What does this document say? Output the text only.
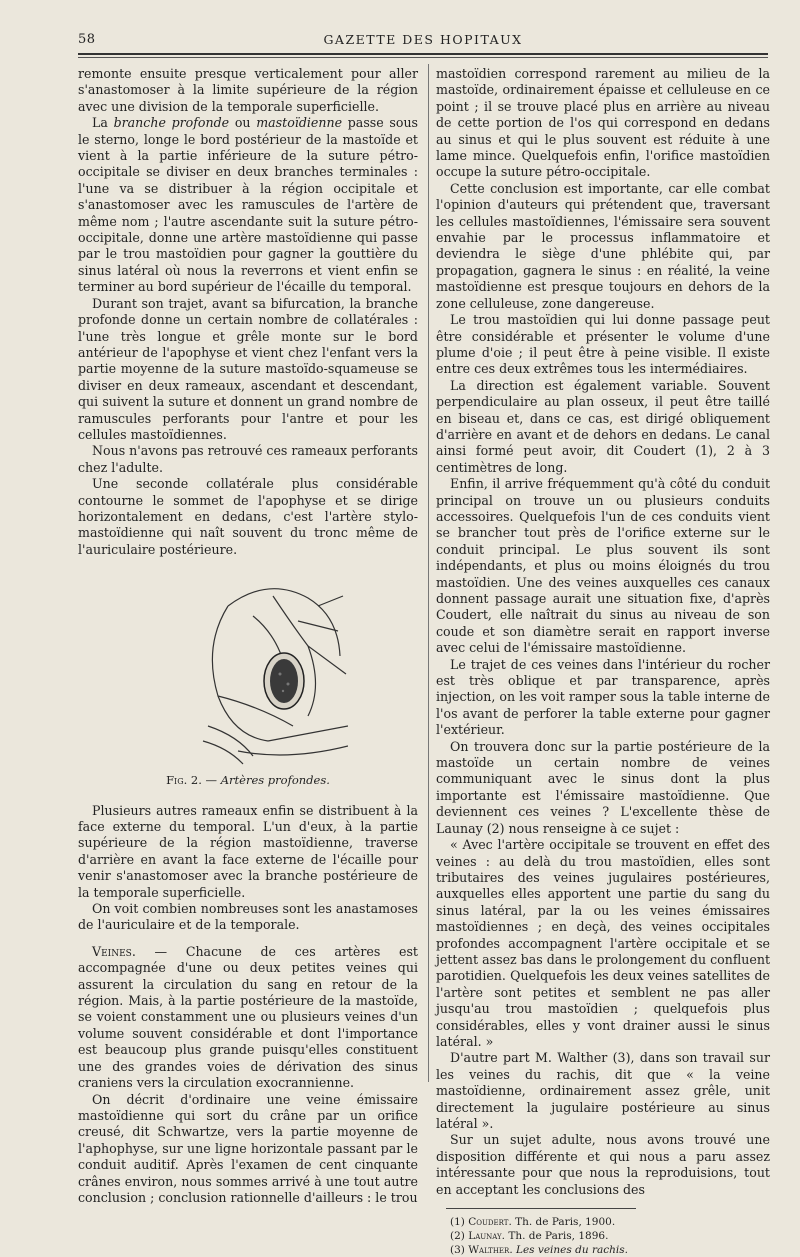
58	GAZETTE DES HOPITAUX

remonte ensuite presque verticalement pour aller s'anastomoser à la limite supérieure de la région avec une division de la temporale superficielle.

La branche profonde ou mastoïdienne passe sous le sterno, longe le bord postérieur de la mastoïde et vient à la partie inférieure de la suture pétro-occipitale se diviser en deux branches terminales : l'une va se distribuer à la région occipitale et s'anastomoser avec les ramuscules de l'artère de même nom ; l'autre ascendante suit la suture pétro-occipitale, donne une artère mastoïdienne qui passe par le trou mastoïdien pour gagner la gouttière du sinus latéral où nous la reverrons et vient enfin se terminer au bord supérieur de l'écaille du temporal.

Durant son trajet, avant sa bifurcation, la branche profonde donne un certain nombre de collatérales : l'une très longue et grêle monte sur le bord antérieur de l'apophyse et vient chez l'enfant vers la partie moyenne de la suture mastoïdo-squameuse se diviser en deux rameaux, ascendant et descendant, qui suivent la suture et donnent un grand nombre de ramuscules perforants pour l'antre et pour les cellules mastoïdiennes.

Nous n'avons pas retrouvé ces rameaux perforants chez l'adulte.

Une seconde collatérale plus considérable contourne le sommet de l'apophyse et se dirige horizontalement en dedans, c'est l'artère stylo-mastoïdienne qui naît souvent du tronc même de l'auriculaire postérieure.

Fig. 2. — Artères profondes.

Plusieurs autres rameaux enfin se distribuent à la face externe du temporal. L'un d'eux, à la partie supérieure de la région mastoïdienne, traverse d'arrière en avant la face externe de l'écaille pour venir s'anastomoser avec la branche postérieure de la temporale superficielle.

On voit combien nombreuses sont les anastamoses de l'auriculaire et de la temporale.

Veines. — Chacune de ces artères est accompagnée d'une ou deux petites veines qui assurent la circulation du sang en retour de la région. Mais, à la partie postérieure de la mastoïde, se voient constamment une ou plusieurs veines d'un volume souvent considérable et dont l'importance est beaucoup plus grande puisqu'elles constituent une des grandes voies de dérivation des sinus craniens vers la circulation exocrannienne.

On décrit d'ordinaire une veine émissaire mastoïdienne qui sort du crâne par un orifice creusé, dit Schwartze, vers la partie moyenne de l'aphophyse, sur une ligne horizontale passant par le conduit auditif. Après l'examen de cent cinquante crânes environ, nous sommes arrivé à une tout autre conclusion ; conclusion rationnelle d'ailleurs : le trou

mastoïdien correspond rarement au milieu de la mastoïde, ordinairement épaisse et celluleuse en ce point ; il se trouve placé plus en arrière au niveau de cette portion de l'os qui correspond en dedans au sinus et qui le plus souvent est réduite à une lame mince. Quelquefois enfin, l'orifice mastoïdien occupe la suture pétro-occipitale.

Cette conclusion est importante, car elle combat l'opinion d'auteurs qui prétendent que, traversant les cellules mastoïdiennes, l'émissaire sera souvent envahie par le processus inflammatoire et deviendra le siège d'une phlébite qui, par propagation, gagnera le sinus : en réalité, la veine mastoïdienne est presque toujours en dehors de la zone celluleuse, zone dangereuse.

Le trou mastoïdien qui lui donne passage peut être considérable et présenter le volume d'une plume d'oie ; il peut être à peine visible. Il existe entre ces deux extrêmes tous les intermédiaires.

La direction est également variable. Souvent perpendiculaire au plan osseux, il peut être taillé en biseau et, dans ce cas, est dirigé obliquement d'arrière en avant et de dehors en dedans. Le canal ainsi formé peut avoir, dit Coudert (1), 2 à 3 centimètres de long.

Enfin, il arrive fréquemment qu'à côté du conduit principal on trouve un ou plusieurs conduits accessoires. Quelquefois l'un de ces conduits vient se brancher tout près de l'orifice externe sur le conduit principal. Le plus souvent ils sont indépendants, et plus ou moins éloignés du trou mastoïdien. Une des veines auxquelles ces canaux donnent passage aurait une situation fixe, d'après Coudert, elle naîtrait du sinus au niveau de son coude et son diamètre serait en rapport inverse avec celui de l'émissaire mastoïdienne.

Le trajet de ces veines dans l'intérieur du rocher est très oblique et par transparence, après injection, on les voit ramper sous la table interne de l'os avant de perforer la table externe pour gagner l'extérieur.

On trouvera donc sur la partie postérieure de la mastoïde un certain nombre de veines communiquant avec le sinus dont la plus importante est l'émissaire mastoïdienne. Que deviennent ces veines ? L'excellente thèse de Launay (2) nous renseigne à ce sujet :

« Avec l'artère occipitale se trouvent en effet des veines : au delà du trou mastoïdien, elles sont tributaires des veines jugulaires postérieures, auxquelles elles apportent une partie du sang du sinus latéral, par la ou les veines émissaires mastoïdiennes ; en deçà, des veines occipitales profondes accompagnent l'artère occipitale et se jettent assez bas dans le prolongement du confluent parotidien. Quelquefois les deux veines satellites de l'artère sont petites et semblent ne pas aller jusqu'au trou mastoïdien ; quelquefois plus considérables, elles y vont drainer aussi le sinus latéral. »

D'autre part M. Walther (3), dans son travail sur les veines du rachis, dit que « la veine mastoïdienne, ordinairement assez grêle, unit directement la jugulaire postérieure au sinus latéral ».

Sur un sujet adulte, nous avons trouvé une disposition différente et qui nous a paru assez intéressante pour que nous la reproduisions, tout en acceptant les conclusions des

(1) Coudert. Th. de Paris, 1900.
(2) Launay. Th. de Paris, 1896.
(3) Walther. Les veines du rachis.
